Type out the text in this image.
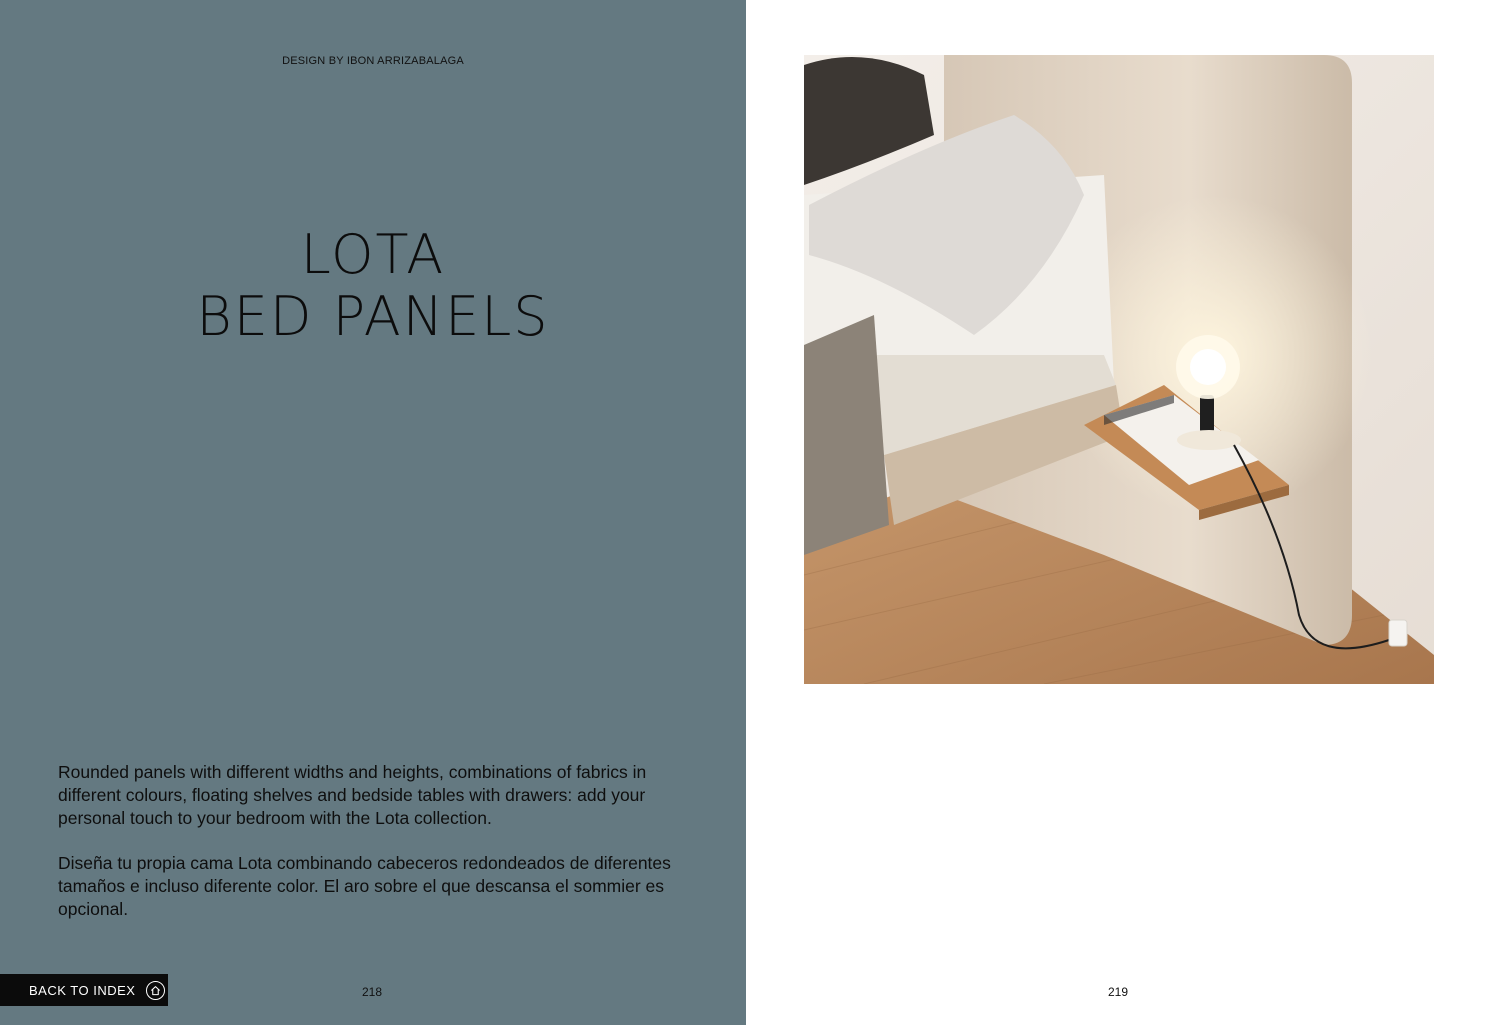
DESIGN BY IBON ARRIZABALAGA
LOTA
BED PANELS
Rounded panels with different widths and heights, combinations of fabrics in different colours, floating shelves and bedside tables with drawers: add your personal touch to your bedroom with the Lota collection.
Diseña tu propia cama Lota combinando cabeceros redondeados de diferentes tamaños e incluso diferente color. El aro sobre el que descansa el sommier es opcional.
BACK TO INDEX	218	219
